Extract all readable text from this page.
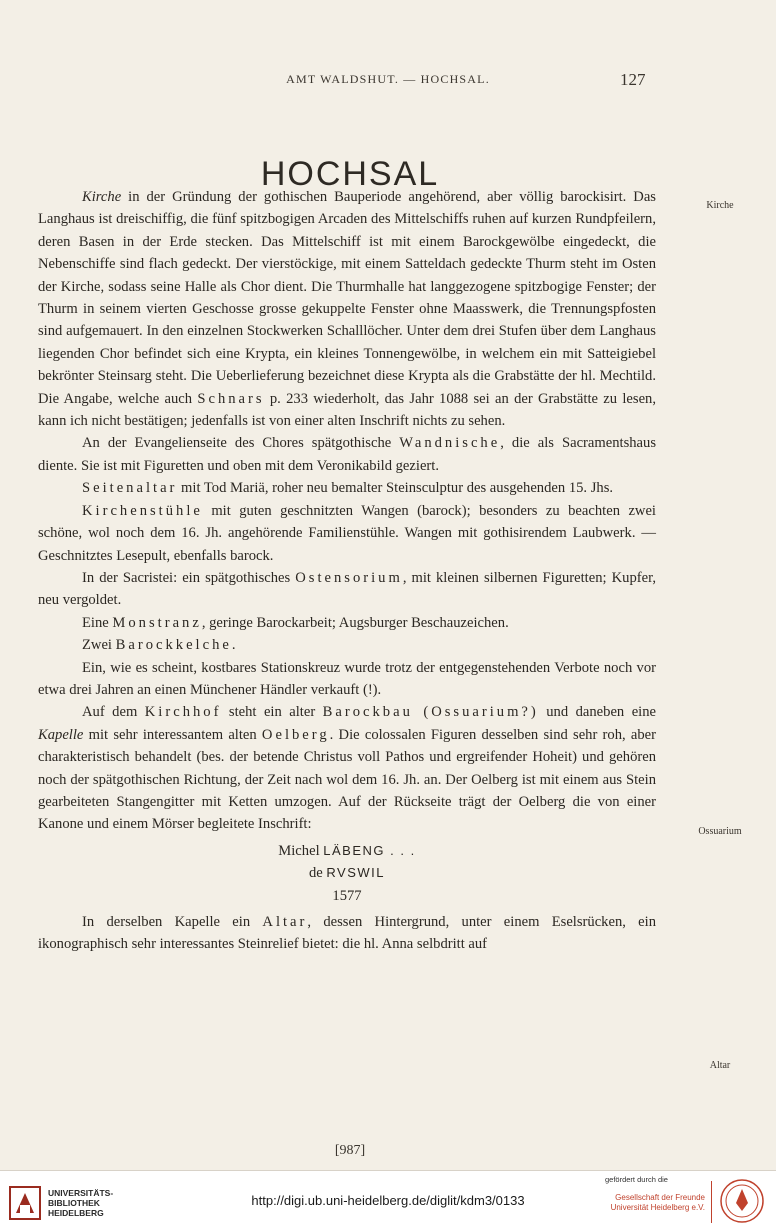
AMT WALDSHUT. — HOCHSAL.	127
HOCHSAL
Kirche
Ossuarium
Altar

Kirche in der Gründung der gothischen Bauperiode angehörend, aber völlig barockisirt. Das Langhaus ist dreischiffig, die fünf spitzbogigen Arcaden des Mittelschiffs ruhen auf kurzen Rundpfeilern, deren Basen in der Erde stecken. Das Mittelschiff ist mit einem Barockgewölbe eingedeckt, die Nebenschiffe sind flach gedeckt. Der vierstöckige, mit einem Satteldach gedeckte Thurm steht im Osten der Kirche, sodass seine Halle als Chor dient. Die Thurmhalle hat langgezogene spitzbogige Fenster; der Thurm in seinem vierten Geschosse grosse gekuppelte Fenster ohne Maasswerk, die Trennungspfosten sind aufgemauert. In den einzelnen Stockwerken Schalllöcher. Unter dem drei Stufen über dem Langhaus liegenden Chor befindet sich eine Krypta, ein kleines Tonnengewölbe, in welchem ein mit Satteigiebel bekrönter Steinsarg steht. Die Ueberlieferung bezeichnet diese Krypta als die Grabstätte der hl. Mechtild. Die Angabe, welche auch Schnars p. 233 wiederholt, das Jahr 1088 sei an der Grabstätte zu lesen, kann ich nicht bestätigen; jedenfalls ist von einer alten Inschrift nichts zu sehen.

An der Evangelienseite des Chores spätgothische Wandnische, die als Sacramentshaus diente. Sie ist mit Figuretten und oben mit dem Veronikabild geziert.

Seitenaltar mit Tod Mariä, roher neu bemalter Steinsculptur des ausgehenden 15. Jhs.

Kirchenstühle mit guten geschnitzten Wangen (barock); besonders zu beachten zwei schöne, wol noch dem 16. Jh. angehörende Familienstühle. Wangen mit gothisirendem Laubwerk. — Geschnitztes Lesepult, ebenfalls barock.

In der Sacristei: ein spätgothisches Ostensorium, mit kleinen silbernen Figuretten; Kupfer, neu vergoldet.

Eine Monstranz, geringe Barockarbeit; Augsburger Beschauzeichen.

Zwei Barockkelche.

Ein, wie es scheint, kostbares Stationskreuz wurde trotz der entgegenstehenden Verbote noch vor etwa drei Jahren an einen Münchener Händler verkauft (!).

Auf dem Kirchhof steht ein alter Barockbau (Ossuarium?) und daneben eine Kapelle mit sehr interessantem alten Oelberg. Die colossalen Figuren desselben sind sehr roh, aber charakteristisch behandelt (bes. der betende Christus voll Pathos und ergreifender Hoheit) und gehören noch der spätgothischen Richtung, der Zeit nach wol dem 16. Jh. an. Der Oelberg ist mit einem aus Stein gearbeiteten Stangengitter mit Ketten umzogen. Auf der Rückseite trägt der Oelberg die von einer Kanone und einem Mörser begleitete Inschrift:

Michel LÄBENG . . .

de RVSWIL

1577

In derselben Kapelle ein Altar, dessen Hintergrund, unter einem Eselsrücken, ein ikonographisch sehr interessantes Steinrelief bietet: die hl. Anna selbdritt auf

[987]
UNIVERSITÄTS-
BIBLIOTHEK
HEIDELBERG
http://digi.ub.uni-heidelberg.de/diglit/kdm3/0133
gefördert durch die
Gesellschaft der Freunde
Universität Heidelberg e.V.
